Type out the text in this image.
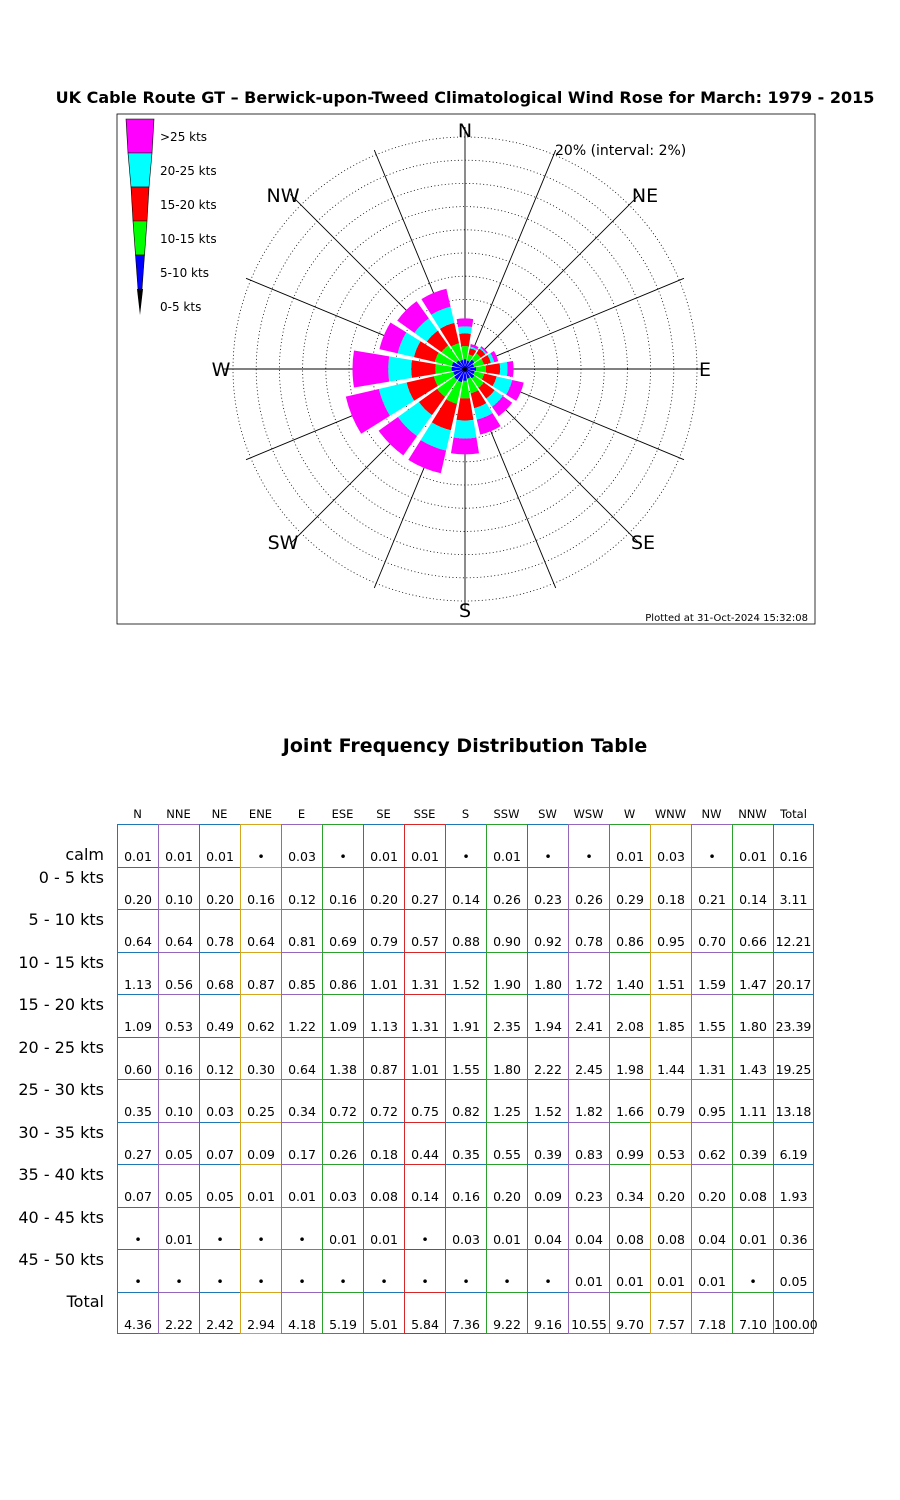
UK Cable Route GT – Berwick-upon-Tweed Climatological Wind Rose for March: 1979 - 2015
N
NE
E
SE
S
SW
W
NW
20% (interval: 2%)
>25 kts
20-25 kts
15-20 kts
10-15 kts
5-10 kts
0-5 kts
Plotted at 31-Oct-2024 15:32:08
Joint Frequency Distribution Table
N	NNE	NE	ENE	E	ESE	SE	SSE	S	SSW	SW	WSW	W	WNW	NW	NNW	Total
calm	0.01	0.01	0.01	•	0.03	•	0.01	0.01	•	0.01	•	•	0.01	0.03	•	0.01	0.16
0 - 5 kts
0.20	0.10	0.20	0.16	0.12	0.16	0.20	0.27	0.14	0.26	0.23	0.26	0.29	0.18	0.21	0.14	3.11
5 - 10 kts
0.64	0.64	0.78	0.64	0.81	0.69	0.79	0.57	0.88	0.90	0.92	0.78	0.86	0.95	0.70	0.66 12.21
10 - 15 kts
1.13	0.56	0.68	0.87	0.85	0.86	1.01	1.31	1.52	1.90	1.80	1.72	1.40	1.51	1.59	1.47 20.17
15 - 20 kts
1.09	0.53	0.49	0.62	1.22	1.09	1.13	1.31	1.91	2.35	1.94	2.41	2.08	1.85	1.55	1.80 23.39
20 - 25 kts
0.60	0.16	0.12	0.30	0.64	1.38	0.87	1.01	1.55	1.80	2.22	2.45	1.98	1.44	1.31	1.43 19.25
25 - 30 kts
0.35	0.10	0.03	0.25	0.34	0.72	0.72	0.75	0.82	1.25	1.52	1.82	1.66	0.79	0.95	1.11 13.18
30 - 35 kts
0.27	0.05	0.07	0.09	0.17	0.26	0.18	0.44	0.35	0.55	0.39	0.83	0.99	0.53	0.62	0.39	6.19
35 - 40 kts
0.07	0.05	0.05	0.01	0.01	0.03	0.08	0.14	0.16	0.20	0.09	0.23	0.34	0.20	0.20	0.08	1.93
40 - 45 kts
•	0.01	•	•	•	0.01	0.01	•	0.03	0.01	0.04	0.04	0.08	0.08	0.04	0.01	0.36
45 - 50 kts
•	•	•	•	•	•	•	•	•	•	•	0.01	0.01	0.01	0.01	•	0.05
Total
4.36	2.22	2.42	2.94	4.18	5.19	5.01	5.84	7.36	9.22	9.16 10.55 9.70	7.57	7.18	7.10 100.00
